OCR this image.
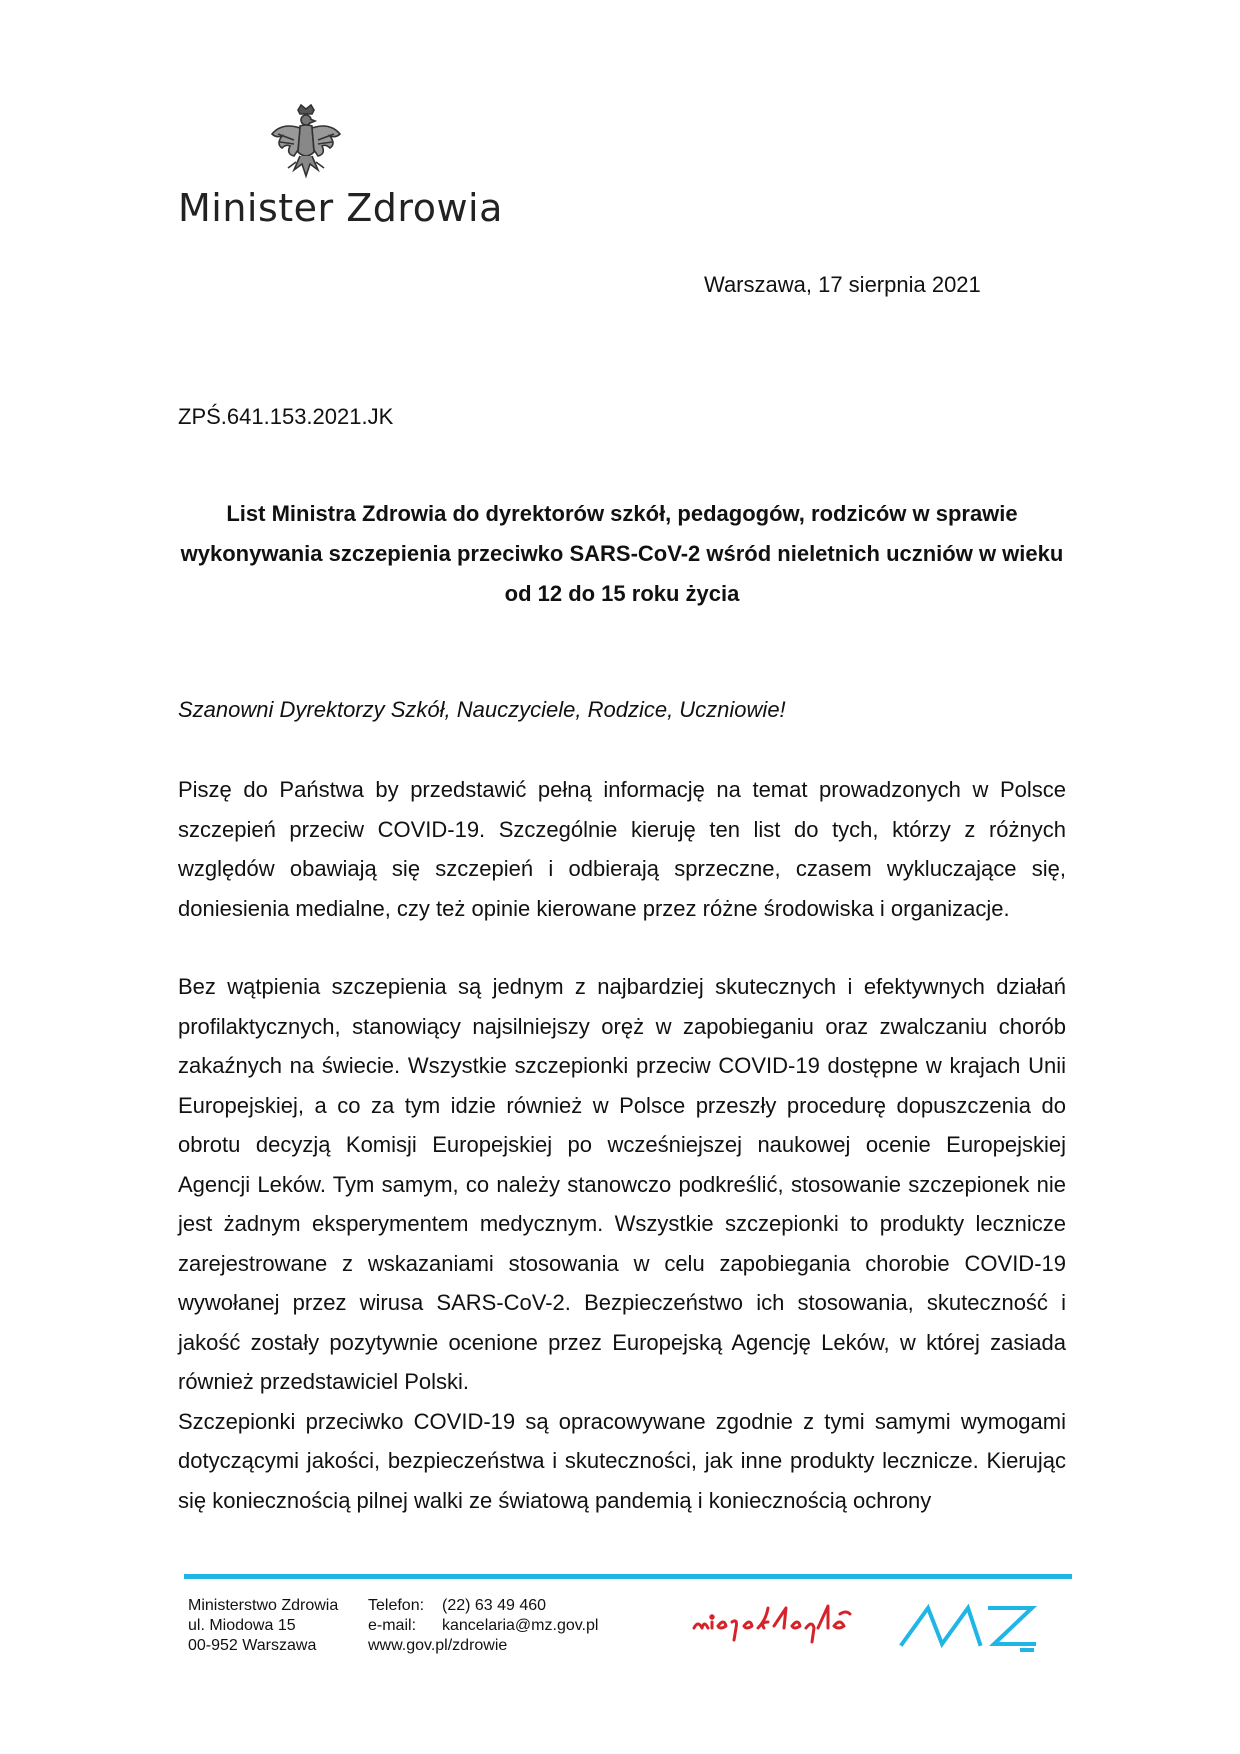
Minister Zdrowia
Warszawa, 17 sierpnia 2021
ZPŚ.641.153.2021.JK
List Ministra Zdrowia do dyrektorów szkół, pedagogów, rodziców w sprawie wykonywania szczepienia przeciwko SARS-CoV-2 wśród nieletnich uczniów w wieku od 12 do 15 roku życia
Szanowni Dyrektorzy Szkół, Nauczyciele, Rodzice, Uczniowie!

Piszę do Państwa by przedstawić pełną informację na temat prowadzonych w Polsce szczepień przeciw COVID-19. Szczególnie kieruję ten list do tych, którzy z różnych względów obawiają się szczepień i odbierają sprzeczne, czasem wykluczające się, doniesienia medialne, czy też opinie kierowane przez różne środowiska i organizacje.

Bez wątpienia szczepienia są jednym z najbardziej skutecznych i efektywnych działań profilaktycznych, stanowiący najsilniejszy oręż w zapobieganiu oraz zwalczaniu chorób zakaźnych na świecie. Wszystkie szczepionki przeciw COVID-19 dostępne w krajach Unii Europejskiej, a co za tym idzie również w Polsce przeszły procedurę dopuszczenia do obrotu decyzją Komisji Europejskiej po wcześniejszej naukowej ocenie Europejskiej Agencji Leków. Tym samym, co należy stanowczo podkreślić, stosowanie szczepionek nie jest żadnym eksperymentem medycznym. Wszystkie szczepionki to produkty lecznicze zarejestrowane z wskazaniami stosowania w celu zapobiegania chorobie COVID-19 wywołanej przez wirusa SARS-CoV-2. Bezpieczeństwo ich stosowania, skuteczność i jakość zostały pozytywnie ocenione przez Europejską Agencję Leków, w której zasiada również przedstawiciel Polski.

Szczepionki przeciwko COVID-19 są opracowywane zgodnie z tymi samymi wymogami dotyczącymi jakości, bezpieczeństwa i skuteczności, jak inne produkty lecznicze. Kierując się koniecznością pilnej walki ze światową pandemią i koniecznością ochrony

Ministerstwo Zdrowia
ul. Miodowa 15
00-952 Warszawa
Telefon:	(22) 63 49 460
e-mail:	kancelaria@mz.gov.pl
www.gov.pl/zdrowie
